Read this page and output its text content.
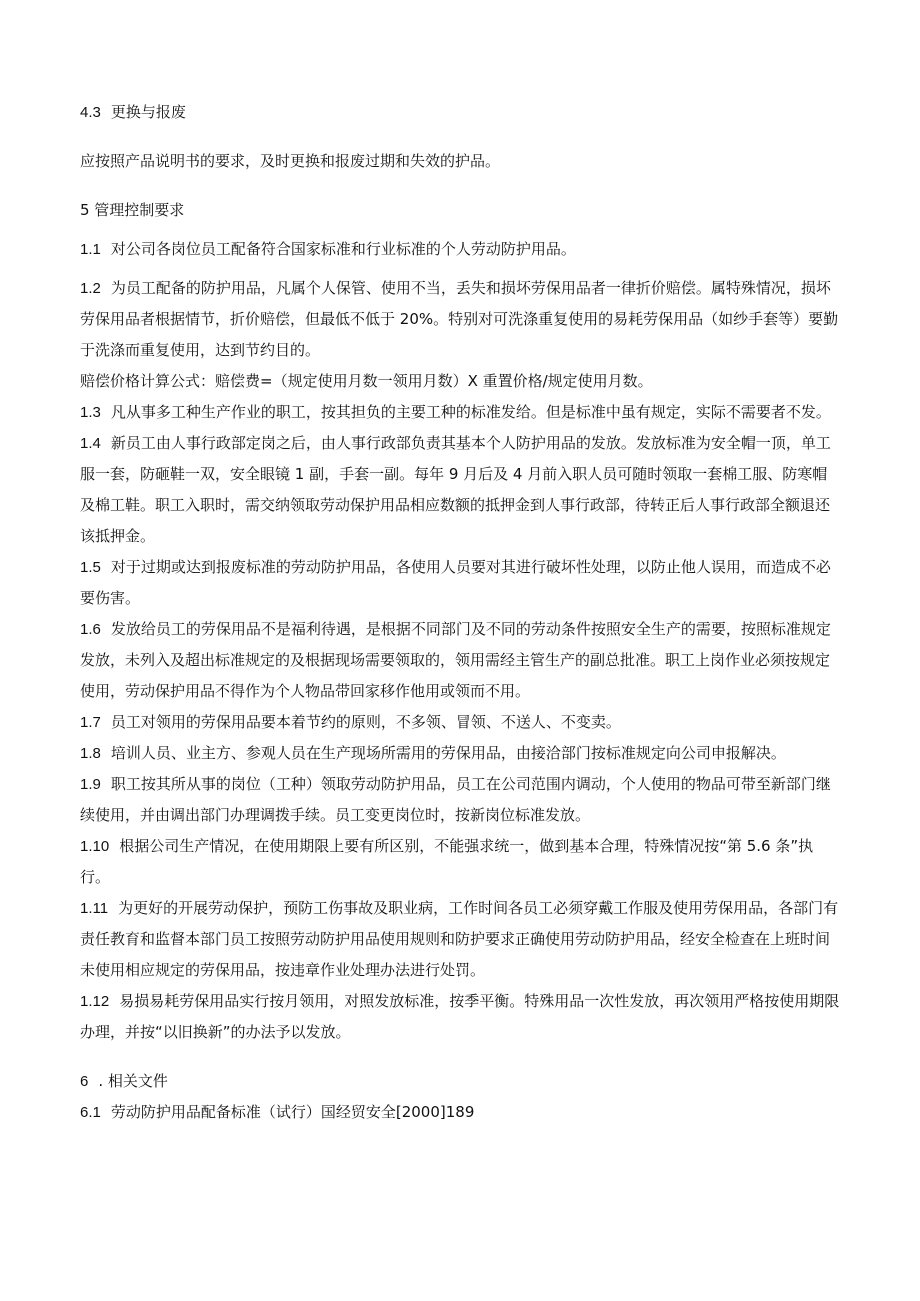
4.3 更换与报废

应按照产品说明书的要求，及时更换和报废过期和失效的护品。

5 管理控制要求

1.1 对公司各岗位员工配备符合国家标准和行业标准的个人劳动防护用品。

1.2 为员工配备的防护用品，凡属个人保管、使用不当，丢失和损坏劳保用品者一律折价赔偿。属特殊情况，损坏劳保用品者根据情节，折价赔偿，但最低不低于 20%。特别对可洗涤重复使用的易耗劳保用品（如纱手套等）要勤于洗涤而重复使用，达到节约目的。

赔偿价格计算公式：赔偿费=（规定使用月数一领用月数）X 重置价格/规定使用月数。

1.3 凡从事多工种生产作业的职工，按其担负的主要工种的标准发给。但是标准中虽有规定，实际不需要者不发。

1.4 新员工由人事行政部定岗之后，由人事行政部负责其基本个人防护用品的发放。发放标准为安全帽一顶，单工服一套，防砸鞋一双，安全眼镜 1 副，手套一副。每年 9 月后及 4 月前入职人员可随时领取一套棉工服、防寒帽及棉工鞋。职工入职时，需交纳领取劳动保护用品相应数额的抵押金到人事行政部，待转正后人事行政部全额退还该抵押金。

1.5 对于过期或达到报废标准的劳动防护用品，各使用人员要对其进行破坏性处理，以防止他人误用，而造成不必要伤害。

1.6 发放给员工的劳保用品不是福利待遇，是根据不同部门及不同的劳动条件按照安全生产的需要，按照标准规定发放，未列入及超出标准规定的及根据现场需要领取的，领用需经主管生产的副总批准。职工上岗作业必须按规定使用，劳动保护用品不得作为个人物品带回家移作他用或领而不用。

1.7 员工对领用的劳保用品要本着节约的原则，不多领、冒领、不送人、不变卖。

1.8 培训人员、业主方、参观人员在生产现场所需用的劳保用品，由接洽部门按标准规定向公司申报解决。

1.9 职工按其所从事的岗位（工种）领取劳动防护用品，员工在公司范围内调动，个人使用的物品可带至新部门继续使用，并由调出部门办理调拨手续。员工变更岗位时，按新岗位标准发放。

1.10 根据公司生产情况，在使用期限上要有所区别，不能强求统一，做到基本合理，特殊情况按“第 5.6 条”执行。

1.11 为更好的开展劳动保护，预防工伤事故及职业病，工作时间各员工必须穿戴工作服及使用劳保用品，各部门有责任教育和监督本部门员工按照劳动防护用品使用规则和防护要求正确使用劳动防护用品，经安全检查在上班时间未使用相应规定的劳保用品，按违章作业处理办法进行处罚。

1.12 易损易耗劳保用品实行按月领用，对照发放标准，按季平衡。特殊用品一次性发放，再次领用严格按使用期限办理，并按“以旧换新”的办法予以发放。

6 . 相关文件

6.1 劳动防护用品配备标准（试行）国经贸安全[2000]189
